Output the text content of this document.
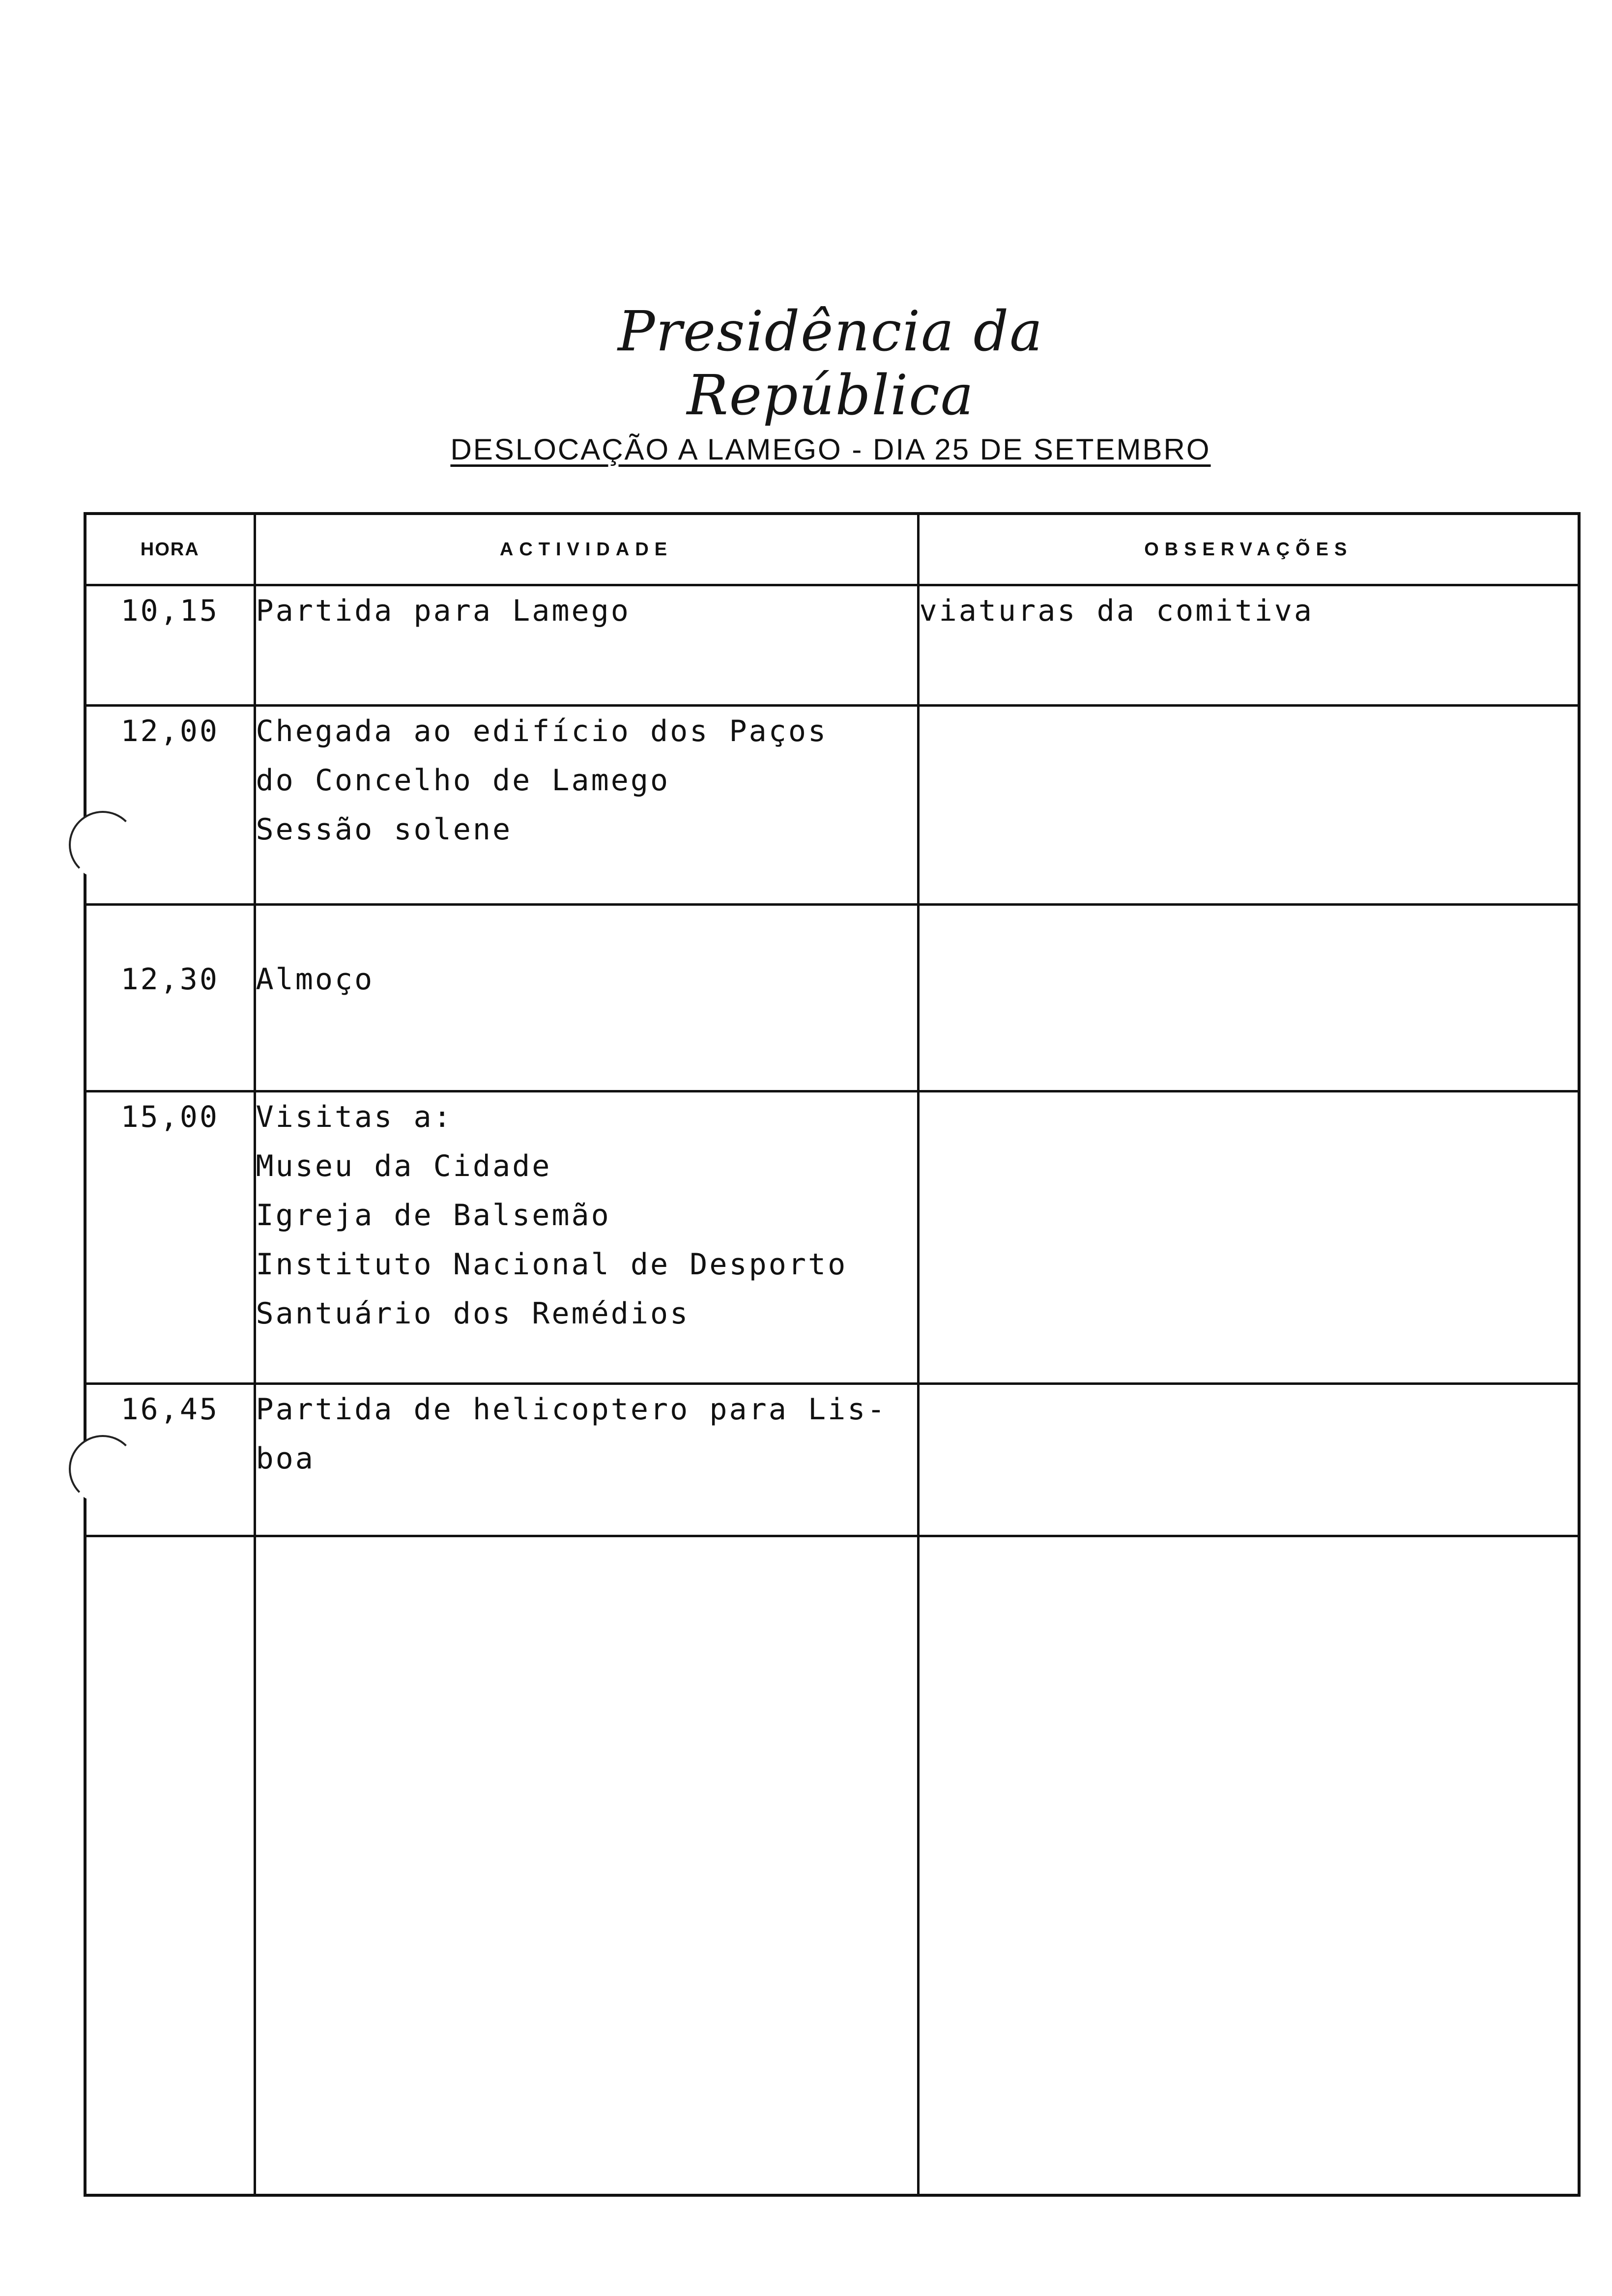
Presidência da República
DESLOCAÇÃO A LAMEGO - DIA 25 DE SETEMBRO
HORA	ACTIVIDADE	OBSERVAÇÕES
10,15	Partida para Lamego	viaturas da comitiva
12,00	Chegada ao edifício dos Paços
do Concelho de Lamego
Sessão solene	

12,30	Almoço	

15,00	Visitas a:
Museu da Cidade
Igreja de Balsemão
Instituto Nacional de Desporto
Santuário dos Remédios	

16,45	Partida de helicoptero para Lis-
boa	
